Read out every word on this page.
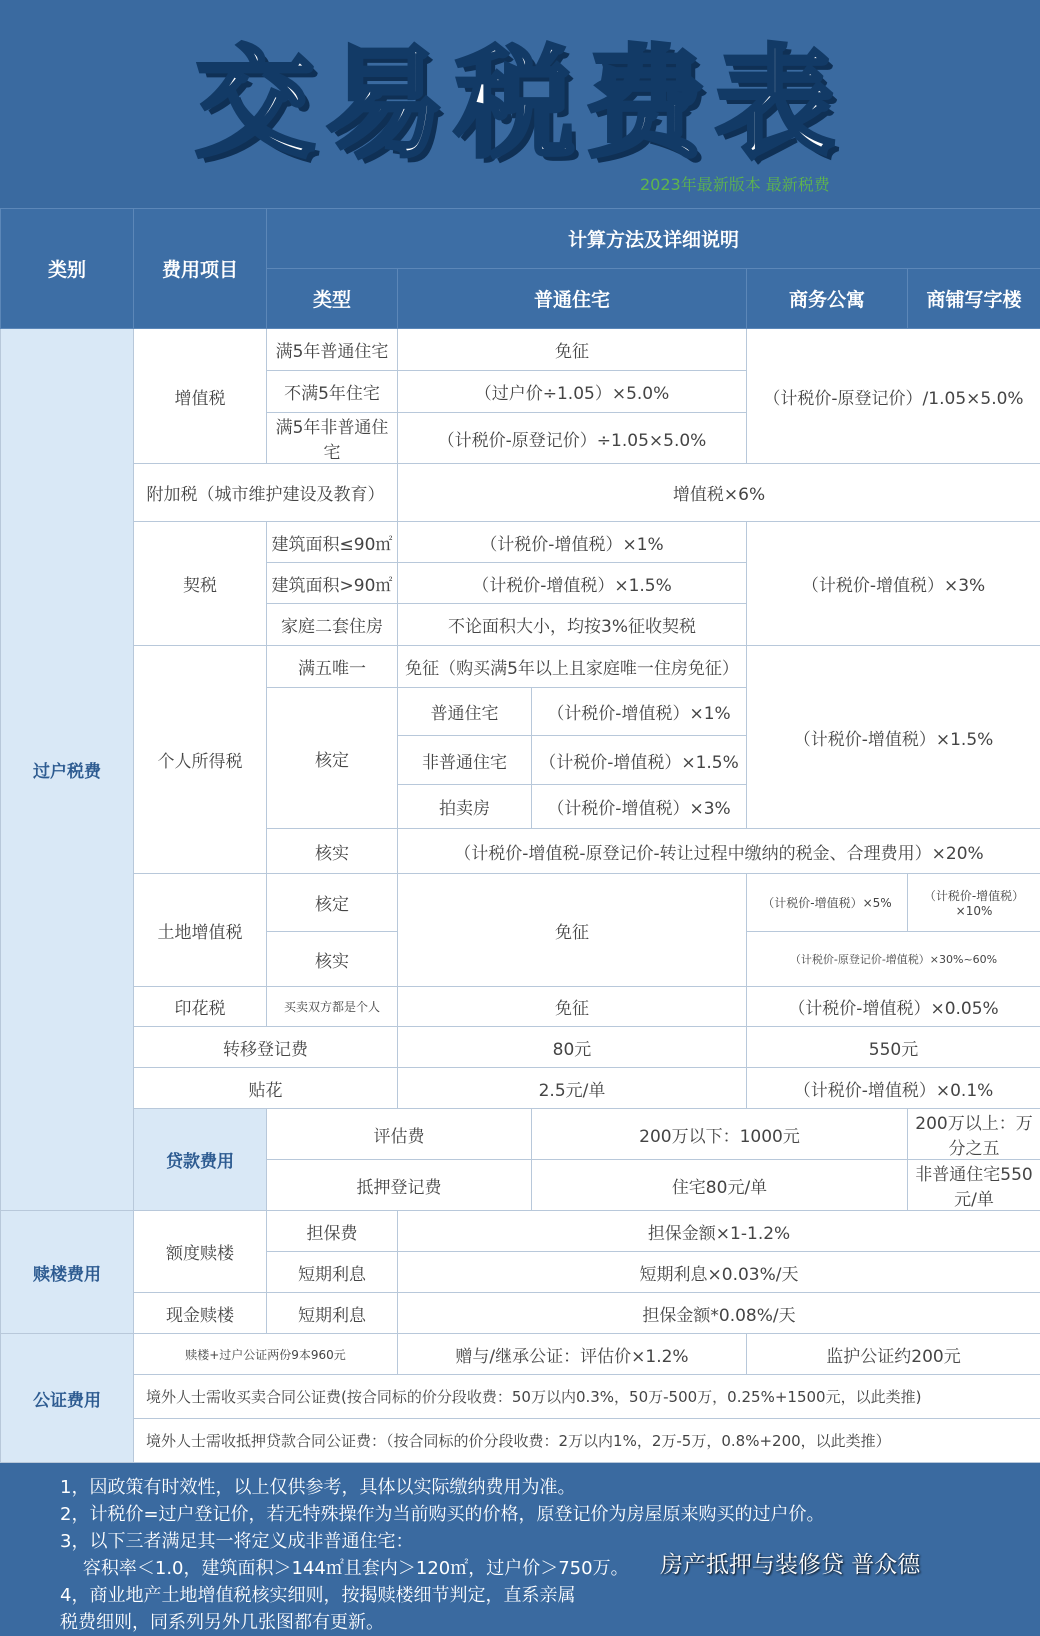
交易税费表
2023年最新版本 最新税费
类别	费用项目	计算方法及详细说明				
		类型	普通住宅		商务公寓	商铺写字楼
过户税费	增值税	满5年普通住宅	免征		（计税价-原登记价）/1.05×5.0%	
		不满5年住宅	（过户价÷1.05）×5.0%			
		满5年非普通住宅	（计税价-原登记价）÷1.05×5.0%			
	附加税（城市维护建设及教育）		增值税×6%			
	契税	建筑面积≤90㎡	（计税价-增值税）×1%		（计税价-增值税）×3%	
		建筑面积>90㎡	（计税价-增值税）×1.5%			
		家庭二套住房	不论面积大小，均按3%征收契税			
	个人所得税	满五唯一	免征（购买满5年以上且家庭唯一住房免征）		（计税价-增值税）×1.5%	
		核定	普通住宅	（计税价-增值税）×1%		
			非普通住宅	（计税价-增值税）×1.5%		
			拍卖房	（计税价-增值税）×3%		
		核实	（计税价-增值税-原登记价-转让过程中缴纳的税金、合理费用）×20%			
	土地增值税	核定	免征		（计税价-增值税）×5%	（计税价-增值税）×10%
		核实			（计税价-原登记价-增值税）×30%~60%	
	印花税	买卖双方都是个人	免征		（计税价-增值税）×0.05%	
	转移登记费		80元		550元	
	贴花		2.5元/单		（计税价-增值税）×0.1%	
	贷款费用	评估费		200万以下：1000元		200万以上：万分之五
		抵押登记费		住宅80元/单		非普通住宅550元/单
赎楼费用	额度赎楼	担保费	担保金额×1-1.2%			
		短期利息	短期利息×0.03%/天			
	现金赎楼	短期利息	担保金额*0.08%/天			
公证费用	赎楼+过户公证两份9本960元		赠与/继承公证：评估价×1.2%		监护公证约200元	
	境外人士需收买卖合同公证费(按合同标的价分段收费：50万以内0.3%，50万-500万，0.25%+1500元，以此类推)					
	境外人士需收抵押贷款合同公证费：（按合同标的价分段收费：2万以内1%，2万-5万，0.8%+200，以此类推）					
1，因政策有时效性，以上仅供参考，具体以实际缴纳费用为准。
2，计税价=过户登记价，若无特殊操作为当前购买的价格，原登记价为房屋原来购买的过户价。
3，以下三者满足其一将定义成非普通住宅：
容积率＜1.0，建筑面积＞144㎡且套内＞120㎡，过户价＞750万。
4，商业地产土地增值税核实细则，按揭赎楼细节判定，直系亲属
税费细则，同系列另外几张图都有更新。
房产抵押与装修贷 普众德
